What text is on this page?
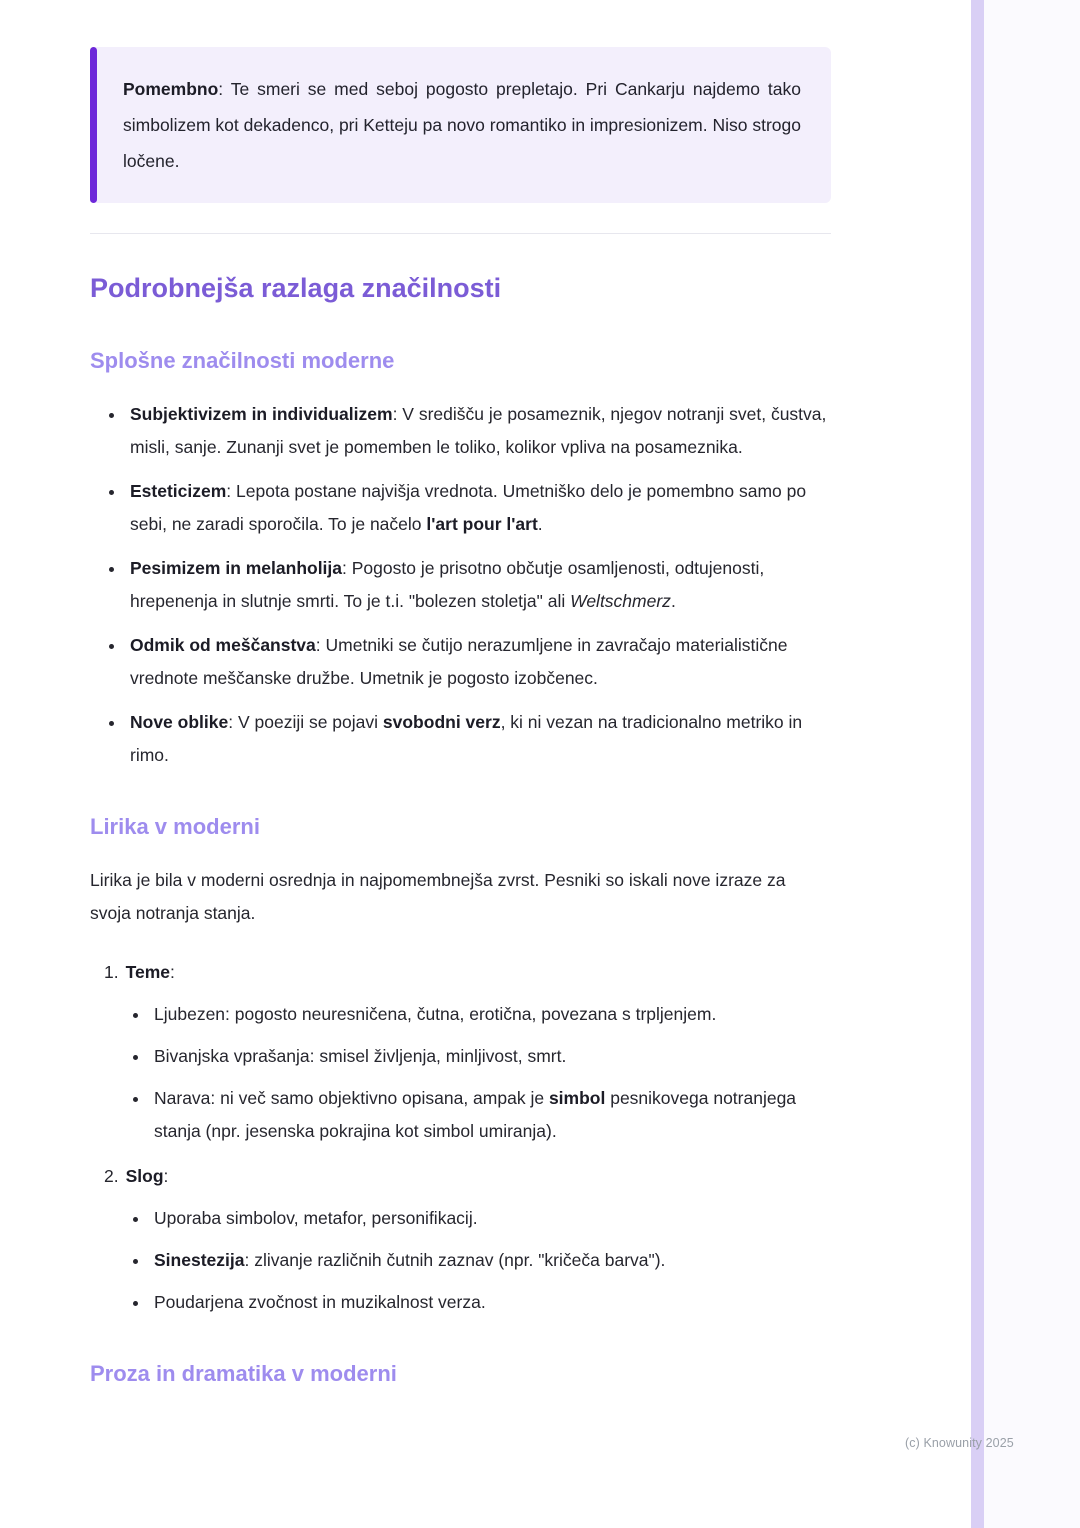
Pomembno: Te smeri se med seboj pogosto prepletajo. Pri Cankarju najdemo tako simbolizem kot dekadenco, pri Ketteju pa novo romantiko in impresionizem. Niso strogo ločene.

Podrobnejša razlaga značilnosti
Splošne značilnosti moderne
• Subjektivizem in individualizem: V središču je posameznik, njegov notranji svet, čustva, misli, sanje. Zunanji svet je pomemben le toliko, kolikor vpliva na posameznika.
• Esteticizem: Lepota postane najvišja vrednota. Umetniško delo je pomembno samo po sebi, ne zaradi sporočila. To je načelo l'art pour l'art.
• Pesimizem in melanholija: Pogosto je prisotno občutje osamljenosti, odtujenosti, hrepenenja in slutnje smrti. To je t.i. "bolezen stoletja" ali Weltschmerz.
• Odmik od meščanstva: Umetniki se čutijo nerazumljene in zavračajo materialistične vrednote meščanske družbe. Umetnik je pogosto izobčenec.
• Nove oblike: V poeziji se pojavi svobodni verz, ki ni vezan na tradicionalno metriko in rimo.
Lirika v moderni

Lirika je bila v moderni osrednja in najpomembnejša zvrst. Pesniki so iskali nove izraze za svoja notranja stanja.

1. Teme:
• Ljubezen: pogosto neuresničena, čutna, erotična, povezana s trpljenjem.
• Bivanjska vprašanja: smisel življenja, minljivost, smrt.
• Narava: ni več samo objektivno opisana, ampak je simbol pesnikovega notranjega stanja (npr. jesenska pokrajina kot simbol umiranja).
2. Slog:
• Uporaba simbolov, metafor, personifikacij.
• Sinestezija: zlivanje različnih čutnih zaznav (npr. "kričeča barva").
• Poudarjena zvočnost in muzikalnost verza.
Proza in dramatika v moderni
(c) Knowunity 2025
